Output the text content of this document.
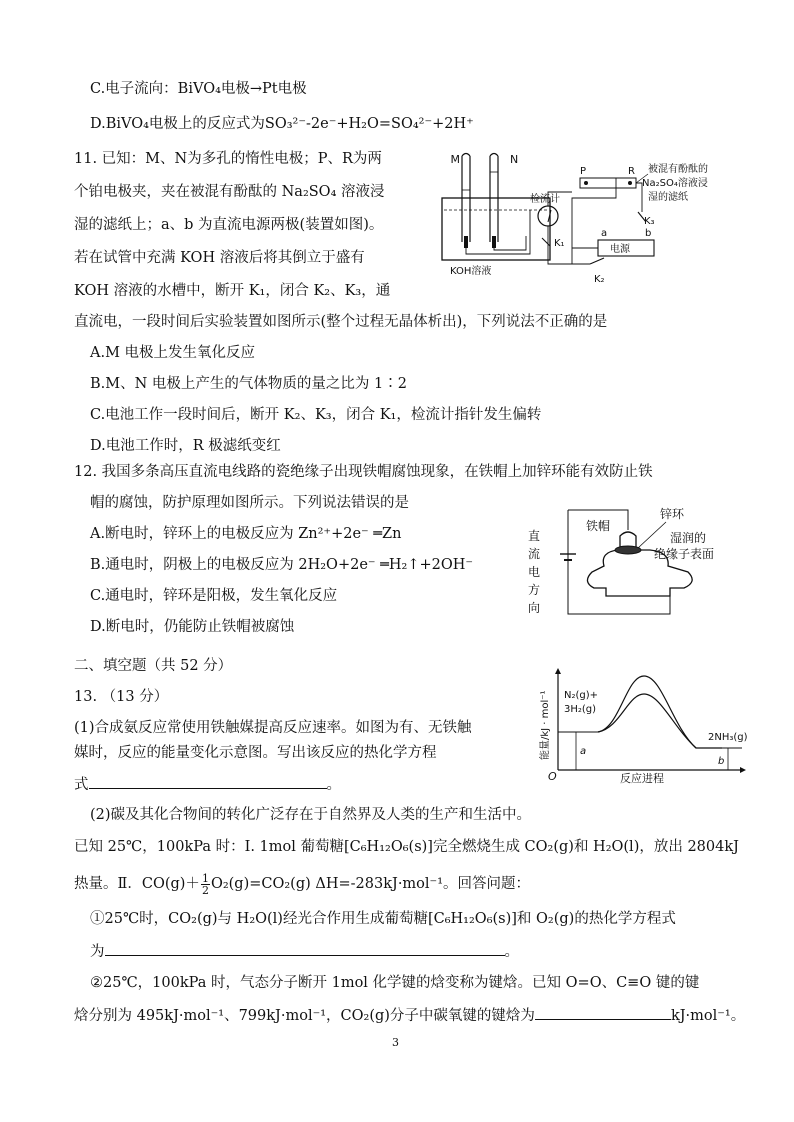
C.电子流向：BiVO₄电极→Pt电极
D.BiVO₄电极上的反应式为SO₃²⁻-2e⁻+H₂O=SO₄²⁻+2H⁺
11. 已知：M、N为多孔的惰性电极；P、R为两
个铂电极夹，夹在被混有酚酞的 Na₂SO₄ 溶液浸
湿的滤纸上；a、b 为直流电源两极(装置如图)。
若在试管中充满 KOH 溶液后将其倒立于盛有
KOH 溶液的水槽中，断开 K₁，闭合 K₂、K₃，通
直流电，一段时间后实验装置如图所示(整个过程无晶体析出)，下列说法不正确的是
A.M 电极上发生氧化反应
B.M、N 电极上产生的气体物质的量之比为 1∶2
C.电池工作一段时间后，断开 K₂、K₃，闭合 K₁，检流计指针发生偏转
D.电池工作时，R 极滤纸变红
M	N
KOH溶液
检流计
K₁
电源
a	b
P	R
K₃
K₂
被混有酚酞的
Na₂SO₄溶液浸
湿的滤纸
12. 我国多条高压直流电线路的瓷绝缘子出现铁帽腐蚀现象，在铁帽上加锌环能有效防止铁
帽的腐蚀，防护原理如图所示。下列说法错误的是
A.断电时，锌环上的电极反应为 Zn²⁺+2e⁻ ═Zn
B.通电时，阴极上的电极反应为 2H₂O+2e⁻ ═H₂↑+2OH⁻
C.通电时，锌环是阳极，发生氧化反应
D.断电时，仍能防止铁帽被腐蚀
直
流
电
方
向
铁帽
锌环
湿润的
绝缘子表面
二、填空题（共 52 分）
13. （13 分）
(1)合成氨反应常使用铁触媒提高反应速率。如图为有、无铁触
媒时，反应的能量变化示意图。写出该反应的热化学方程
式	。
能量/kJ · mol⁻¹
反应进程
O
N₂(g)+
3H₂(g)
2NH₃(g)
a
b
(2)碳及其化合物间的转化广泛存在于自然界及人类的生产和生活中。
已知 25℃，100kPa 时：I. 1mol 葡萄糖[C₆H₁₂O₆(s)]完全燃烧生成 CO₂(g)和 H₂O(l)，放出 2804kJ
热量。Ⅱ．$CO(g)+ \frac{1}{2} O_2(g)=CO_2(g)$ ΔH=-283kJ·mol⁻¹。回答问题：
①25℃时，CO₂(g)与 H₂O(l)经光合作用生成葡萄糖[C₆H₁₂O₆(s)]和 O₂(g)的热化学方程式
为	。
②25℃，100kPa 时，气态分子断开 1mol 化学键的焓变称为键焓。已知 O=O、C≡O 键的键
焓分别为 495kJ·mol⁻¹、799kJ·mol⁻¹，CO₂(g)分子中碳氧键的键焓为	kJ·mol⁻¹。
3
